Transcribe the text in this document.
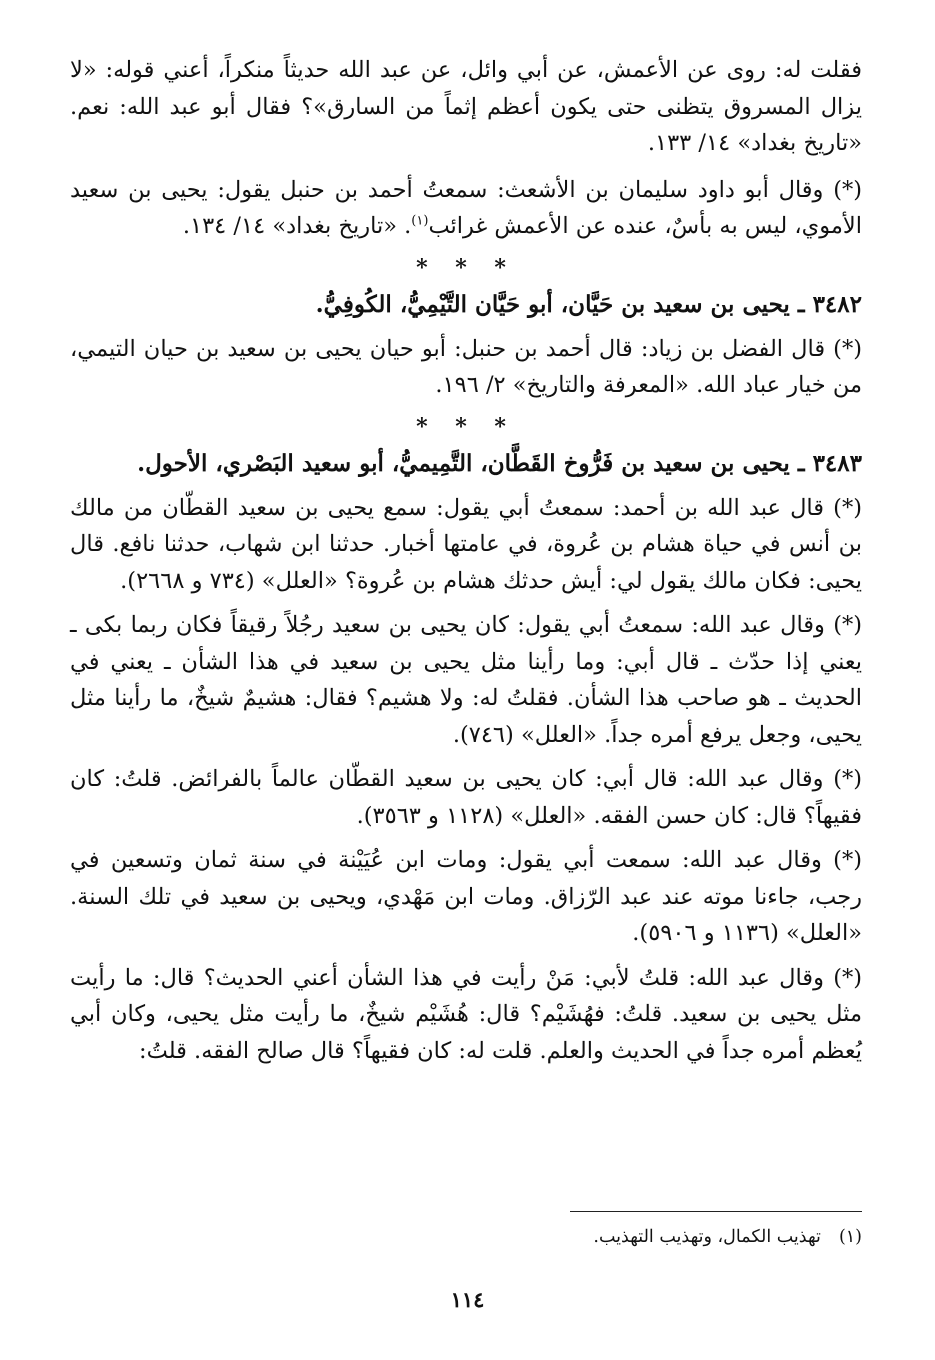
فقلت له: روى عن الأعمش، عن أبي وائل، عن عبد الله حديثاً منكراً، أعني قوله: «لا يزال المسروق يتظنى حتى يكون أعظم إثماً من السارق»؟ فقال أبو عبد الله: نعم. «تاريخ بغداد» ١٤/ ١٣٣.

(*) وقال أبو داود سليمان بن الأشعث: سمعتُ أحمد بن حنبل يقول: يحيى بن سعيد الأموي، ليس به بأسٌ، عنده عن الأعمش غرائب$^{(١)}$. «تاريخ بغداد» ١٤/ ١٣٤.

* * *
٣٤٨٢ ـ يحيى بن سعيد بن حَيَّان، أبو حَيَّان التَّيْمِيُّ، الكُوفِيُّ.

(*) قال الفضل بن زياد: قال أحمد بن حنبل: أبو حيان يحيى بن سعيد بن حيان التيمي، من خيار عباد الله. «المعرفة والتاريخ» ٢/ ١٩٦.

* * *
٣٤٨٣ ـ يحيى بن سعيد بن فَرُّوخ القَطَّان، التَّمِيميُّ، أبو سعيد البَصْري، الأحول.

(*) قال عبد الله بن أحمد: سمعتُ أبي يقول: سمع يحيى بن سعيد القطّان من مالك بن أنس في حياة هشام بن عُروة، في عامتها أخبار. حدثنا ابن شهاب، حدثنا نافع. قال يحيى: فكان مالك يقول لي: أيش حدثك هشام بن عُروة؟ «العلل» (٧٣٤ و ٢٦٦٨).

(*) وقال عبد الله: سمعتُ أبي يقول: كان يحيى بن سعيد رجُلاً رقيقاً فكان ربما بكى ـ يعني إذا حدّث ـ قال أبي: وما رأينا مثل يحيى بن سعيد في هذا الشأن ـ يعني في الحديث ـ هو صاحب هذا الشأن. فقلتُ له: ولا هشيم؟ فقال: هشيمٌ شيخٌ، ما رأينا مثل يحيى، وجعل يرفع أمره جداً. «العلل» (٧٤٦).

(*) وقال عبد الله: قال أبي: كان يحيى بن سعيد القطّان عالماً بالفرائض. قلتُ: كان فقيهاً؟ قال: كان حسن الفقه. «العلل» (١١٢٨ و ٣٥٦٣).

(*) وقال عبد الله: سمعت أبي يقول: ومات ابن عُيَيْنة في سنة ثمان وتسعين في رجب، جاءنا موته عند عبد الرّزاق. ومات ابن مَهْدي، ويحيى بن سعيد في تلك السنة. «العلل» (١١٣٦ و ٥٩٠٦).

(*) وقال عبد الله: قلتُ لأبي: مَنْ رأيت في هذا الشأن أعني الحديث؟ قال: ما رأيت مثل يحيى بن سعيد. قلتُ: فهُشَيْم؟ قال: هُشَيْم شيخٌ، ما رأيت مثل يحيى، وكان أبي يُعظم أمره جداً في الحديث والعلم. قلت له: كان فقيهاً؟ قال صالح الفقه. قلتُ:

(١)تهذيب الكمال، وتهذيب التهذيب.
١١٤
